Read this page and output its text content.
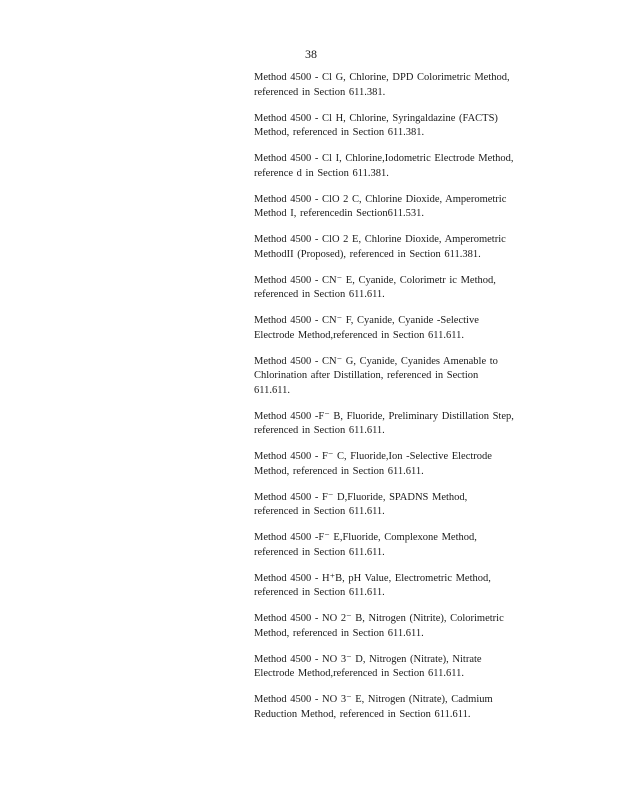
38
Method 4500 - Cl G, Chlorine, DPD Colorimetric Method,
referenced in Section 611.381.
Method 4500 - Cl H, Chlorine, Syringaldazine (FACTS)
Method, referenced in Section 611.381.
Method 4500 - Cl I, Chlorine,Iodometric Electrode Method,
reference d in Section 611.381.
Method 4500 - ClO 2 C, Chlorine Dioxide, Amperometric
Method I, referencedin Section611.531.
Method 4500 - ClO 2 E, Chlorine Dioxide, Amperometric
MethodII (Proposed), referenced in Section 611.381.
Method 4500 - CN⁻ E, Cyanide, Colorimetr ic Method,
referenced in Section 611.611.
Method 4500 - CN⁻ F, Cyanide, Cyanide -Selective
Electrode Method,referenced in Section 611.611.
Method 4500 - CN⁻ G, Cyanide, Cyanides Amenable to
Chlorination after Distillation, referenced in Section
611.611.
Method 4500 -F⁻ B, Fluoride, Preliminary Distillation Step,
referenced in Section 611.611.
Method 4500 - F⁻ C, Fluoride,Ion -Selective Electrode
Method, referenced in Section 611.611.
Method 4500 - F⁻ D,Fluoride, SPADNS Method,
referenced in Section 611.611.
Method 4500 -F⁻ E,Fluoride, Complexone Method,
referenced in Section 611.611.
Method 4500 - H⁺B, pH Value, Electrometric Method,
referenced in Section 611.611.
Method 4500 - NO 2⁻ B, Nitrogen (Nitrite), Colorimetric
Method, referenced in Section 611.611.
Method 4500 - NO 3⁻ D, Nitrogen (Nitrate), Nitrate
Electrode Method,referenced in Section 611.611.
Method 4500 - NO 3⁻ E, Nitrogen (Nitrate), Cadmium
Reduction Method, referenced in Section 611.611.
